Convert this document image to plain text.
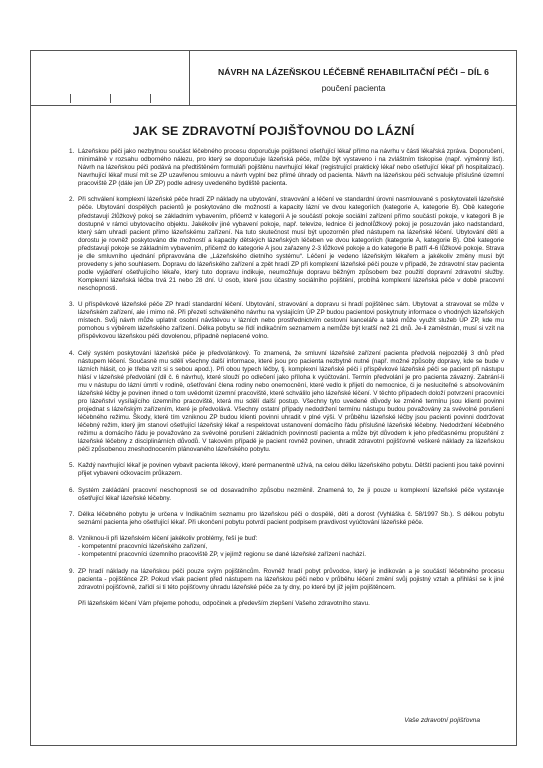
NÁVRH NA LÁZEŇSKOU LÉČEBNĚ REHABILITAČNÍ PÉČI – DÍL 6
poučení pacienta
JAK SE ZDRAVOTNÍ POJIŠŤOVNOU DO LÁZNÍ
1. Lázeňskou péči jako nezbytnou součást léčebného procesu doporučuje pojištenci ošetřující lékař přímo na návrhu v části lékařská zpráva. Doporučení, minimálně v rozsahu odborného nálezu, pro který se doporučuje lázeňská péče, může být vystaveno i na zvláštním tiskopise (např. výměnný list). Návrh na lázeňskou péči podává na předtištěném formuláři pojištěnu navrhující lékař (registrující praktický lékař nebo ošetřující lékař při hospitalizaci). Navrhující lékař musí mít se ZP uzavřenou smlouvu a návrh vyplní bez přímé úhrady od pacienta. Návrh na lázeňskou péči schvaluje příslušné územní pracoviště ZP (dále jen ÚP ZP) podle adresy uvedeného bydliště pacienta.
2. Při schválení komplexní lázeňské péče hradí ZP náklady na ubytování, stravování a léčení ve standardní úrovni nasmlouvané s poskytovateli lázeňské péče. Ubytování dospělých pacientů je poskytováno dle možností a kapacity lázní ve dvou kategoriích (kategorie A, kategorie B). Obě kategorie představují 2lůžkový pokoj se základním vybavením, přičemž v kategorii A je součástí pokoje sociální zařízení přímo součástí pokoje, v kategorii B je dostupné v rámci ubytovacího objektu. Jakékoliv jiné vybavení pokoje, např. televize, lednice či jednolůžkový pokoj je posuzován jako nadstandard, který sám uhradí pacient přímo lázeňskému zařízení. Na tuto skutečnost musí být upozorněn před nástupem na lázeňské léčení. Ubytování dětí a dorostu je rovněž poskytováno dle možností a kapacity dětských lázeňských léčeben ve dvou kategoriích (kategorie A, kategorie B). Obě kategorie představují pokoje se základním vybavením, přičemž do kategorie A jsou zařazeny 2-3 lůžkové pokoje a do kategorie B patří 4-6 lůžkové pokoje. Strava je dle smluvního ujednání připravována dle „Lázeňského dietního systému“. Léčení je vedeno lázeňským lékařem a jakékoliv změny musí být provedeny s jeho souhlasem. Dopravu do lázeňského zařízení a zpět hradí ZP při komplexní lázeňské péči pouze v případě, že zdravotní stav pacienta podle vyjádření ošetřujícího lékaře, který tuto dopravu indikuje, neumožňuje dopravu běžným způsobem bez použití dopravní zdravotní služby. Komplexní lázeňská léčba trvá 21 nebo 28 dní. U osob, které jsou účastny sociálního pojištění, probíhá komplexní lázeňská péče v době pracovní neschopnosti.
3. U příspěvkové lázeňské péče ZP hradí standardní léčení. Ubytování, stravování a dopravu si hradí pojištěnec sám. Ubytovat a stravovat se může v lázeňském zařízení, ale i mimo ně. Při přezetí schváleného návrhu na vyslajícím ÚP ZP budou pacientovi poskytnuty informace o vhodných lázeňských místech. Svůj návrh může uplatnit osobní návštěvou v lázních nebo prostřednictvím cestovní kanceláře a také může využít služeb ÚP ZP, kde mu pomohou s výběrem lázeňského zařízení. Délka pobytu se řídí indikačním seznamem a nemůže být kratší než 21 dnů. Je-li zaměstnán, musí si vzít na příspěvkovou lázeňskou péči dovolenou, případně neplacené volno.
4. Celý systém poskytování lázeňské péče je předvolánkový. To znamená, že smluvní lázeňské zařízení pacienta předvolá nejpozději 3 dnů před nástupem léčení. Současně mu sdělí všechny další informace, které jsou pro pacienta nezbytně nutné (např. možné způsoby dopravy, kde se bude v lázních hlásit, co je třeba vzít si s sebou apod.). Při obou typech léčby, tj. komplexní lázeňské péči i příspěvkové lázeňské péči se pacient při nástupu hlásí v lázeňské předvolání (dil č. 6 návrhu), které slouží po odlečení jako příloha k vyúčtování. Termín předvolání je pro pacienta závazný. Zabrání-li mu v nástupu do lázní úmrtí v rodině, ošetřování člena rodiny nebo onemocnění, které vedlo k přijetí do nemocnice, či je nesluciteľné s absolvováním lázeňské léčby je povinen ihned o tom uvědomit územní pracoviště, které schválilo jeho lázeňské léčení. V těchto případech doloží potvrzení pracovníci pro lázeňství vysílajícího územního pracoviště, která mu sdělí další postup. Všechny tyto uvedené důvody ke změně termínu jsou klienti povinni projednat s lázeňským zařízením, které je předvolává. Všechny ostatní případy nedodržení termínu nástupu budou považovány za svévolné porušení léčebného režimu. Škody, které tím vzniknou ZP budou klienti povinni uhradit v plné výši. V průběhu lázeňské léčby jsou pacienti povinni dodržovat léčebný režim, který jim stanoví ošetřující lázeňský lékař a respektovat ustanovení domácího řádu příslušné lázeňské léčebny. Nedodržení léčebného režimu a domácího řádu je považováno za svévolné porušení základních povinností pacienta a může být důvodem k jeho předčasnému propuštění z lázeňské léčebny z disciplinárních důvodů. V takovém případě je pacient rovněž povinen, uhradit zdravotní pojišťovně veškeré náklady za lázeňskou péči způsobenou zneshodnocením plánovaného lázeňského pobytu.
5. Každý navrhující lékař je povinen vybavit pacienta lékový, které permanentně užívá, na celou délku lázeňského pobytu. Dětští pacienti jsou také povinni přijet vybaveni očkovacím průkazem.
6. Systém zakládání pracovní neschopnosti se od dosavadního způsobu nezměnil. Znamená to, že ji pouze u komplexní lázeňské péče vystavuje ošetřující lékař lázeňské léčebny.
7. Délka léčebného pobytu je určena v Indikačním seznamu pro lázeňskou péči o dospělé, děti a dorost (Vyhláška č. 58/1997 Sb.). S délkou pobytu seznámí pacienta jeho ošetřující lékař. Při ukončení pobytu potvrdí pacient podpisem pravdivost vyúčtování lázeňské péče.
8. Vzniknou-li při lázeňském léčení jakékoliv problémy, řeší je buď:
- kompetentní pracovníci lázeňského zařízení,
- kompetentní pracovníci územního pracoviště ZP, v jejímž regionu se dané lázeňské zařízení nachází.
9. ZP hradí náklady na lázeňskou péči pouze svým pojištěncům. Rovněž hradí pobyt průvodce, který je indikován a je součástí léčebného procesu pacienta - pojištěnce ZP. Pokud však pacient před nástupem na lázeňskou péči nebo v průběhu léčení změní svůj pojistný vztah a přihlásí se k jiné zdravotní pojišťovně, zařídí si ti této pojišťovny úhradu lázeňské péče za ty dny, po které byl již jejím pojištěncem.
Při lázeňském léčení Vám přejeme pohodu, odpočinek a především zlepšení Vašeho zdravotního stavu.
Vaše zdravotní pojišťovna
